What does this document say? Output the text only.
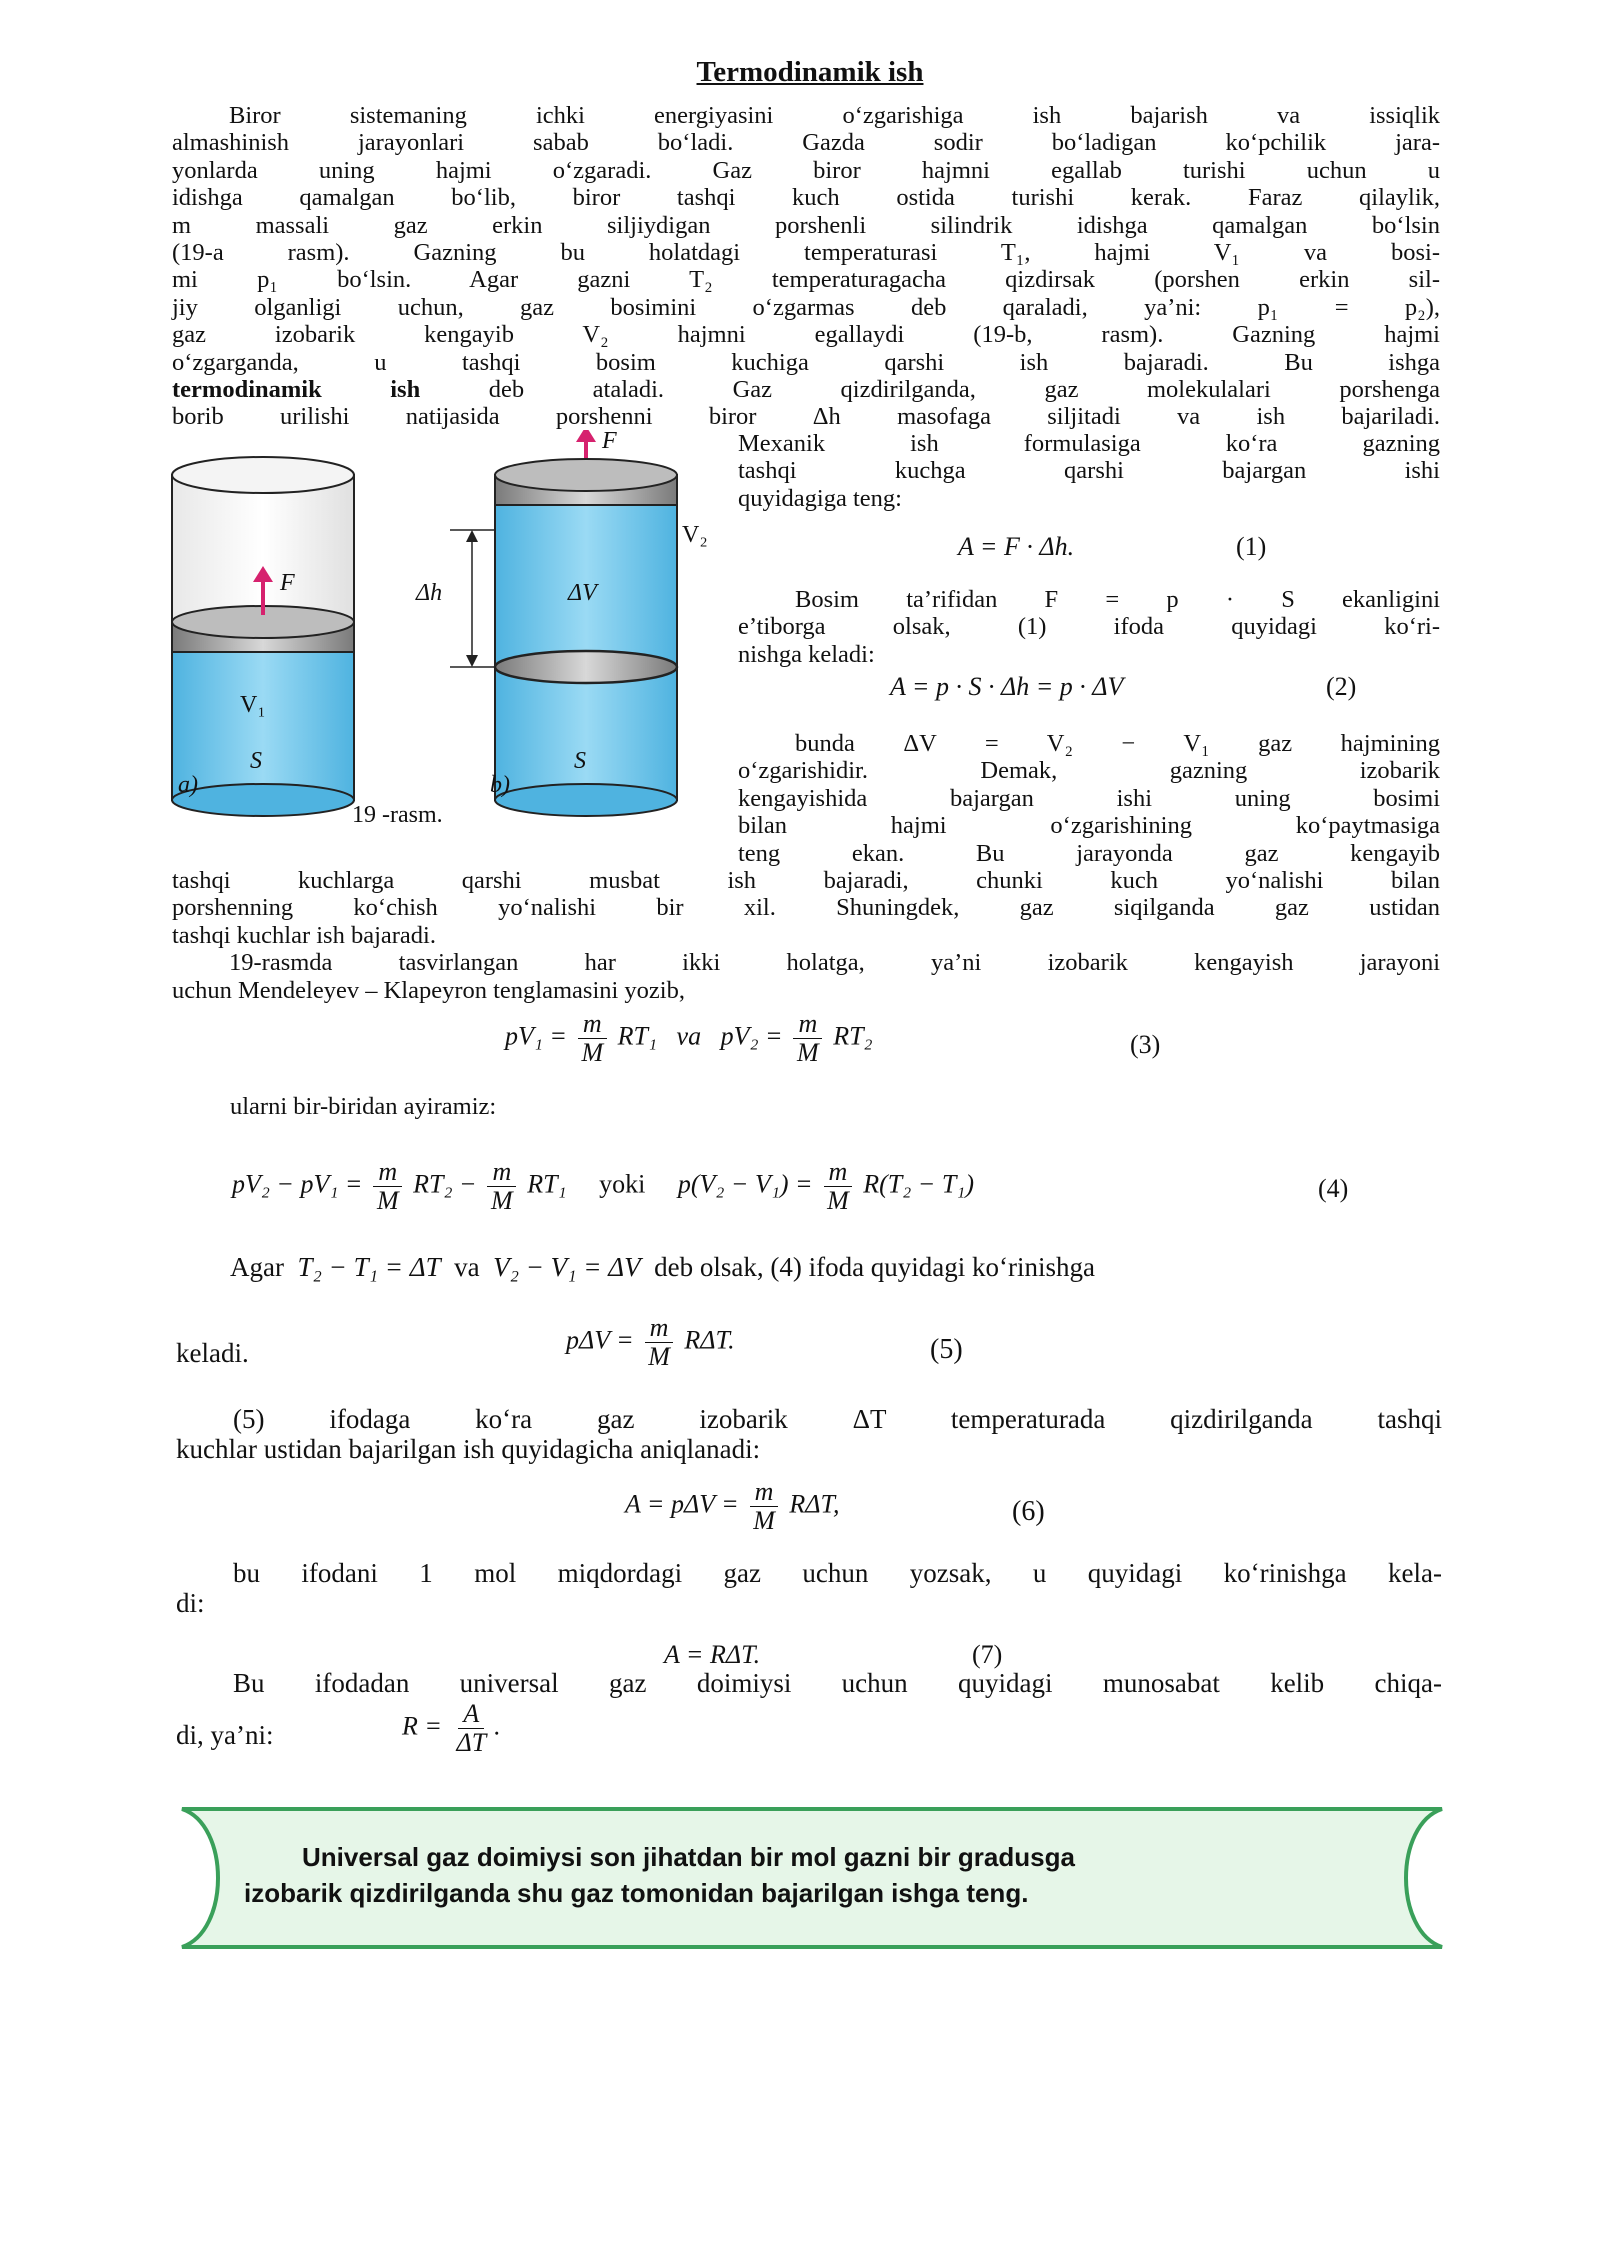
Termodinamik ish
Biror sistemaning ichki energiyasini o‘zgarishiga ish bajarish va issiqlik
almashinish jarayonlari sabab bo‘ladi. Gazda sodir bo‘ladigan ko‘pchilik jara-
yonlarda uning hajmi o‘zgaradi. Gaz biror hajmni egallab turishi uchun u
idishga qamalgan bo‘lib, biror tashqi kuch ostida turishi kerak. Faraz qilaylik,
m massali gaz erkin siljiydigan porshenli silindrik idishga qamalgan bo‘lsin
(19-a rasm). Gazning bu holatdagi temperaturasi T₁, hajmi V₁ va bosi-
mi p₁ bo‘lsin. Agar gazni T₂ temperaturagacha qizdirsak (porshen erkin sil-
jiy olganligi uchun, gaz bosimini o‘zgarmas deb qaraladi, ya’ni: p₁ = p₂),
gaz izobarik kengayib V₂ hajmni egallaydi (19-b, rasm). Gazning hajmi
o‘zgarganda, u tashqi bosim kuchiga qarshi ish bajaradi. Bu ishga
termodinamik ish deb ataladi. Gaz qizdirilganda, gaz molekulalari porshenga
borib urilishi natijasida porshenni biror Δh masofaga siljitadi va ish bajariladi.
F
F
V₁
V₂
ΔV
Δh
S	S
a)	b)
19 -rasm.
Mexanik ish formulasiga ko‘ra gazning
tashqi kuchga qarshi bajargan ishi
quyidagiga teng:
A = F · Δh.	(1)
Bosim ta’rifidan F = p · S ekanligini
e’tiborga olsak, (1) ifoda quyidagi ko‘ri-
nishga keladi:
A = p · S · Δh = p · ΔV	(2)
bunda ΔV = V₂ − V₁ gaz hajmining
o‘zgarishidir. Demak, gazning izobarik
kengayishida bajargan ishi uning bosimi
bilan hajmi o‘zgarishining ko‘paytmasiga
teng ekan. Bu jarayonda gaz kengayib
tashqi kuchlarga qarshi musbat ish bajaradi, chunki kuch yo‘nalishi bilan
porshenning ko‘chish yo‘nalishi bir xil. Shuningdek, gaz siqilganda gaz ustidan
tashqi kuchlar ish bajaradi.
19-rasmda tasvirlangan har ikki holatga, ya’ni izobarik kengayish jarayoni
uchun Mendeleyev – Klapeyron tenglamasini yozib,
$pV_1 = \frac{m}{M} RT_1$ va $pV_2 = \frac{m}{M} RT_2$	(3)
ularni bir-biridan ayiramiz:
$pV_2 - pV_1 = \frac{m}{M} RT_2 - \frac{m}{M} RT_1$ yoki $p(V_2 - V_1) = \frac{m}{M} R(T_2 - T_1)$	(4)
Agar T₂ − T₁ = ΔT va V₂ − V₁ = ΔV deb olsak, (4) ifoda quyidagi ko‘rinishga
keladi.	$p\Delta V = \frac{m}{M} R\Delta T$.	(5)
(5) ifodaga ko‘ra gaz izobarik ΔT temperaturada qizdirilganda tashqi
kuchlar ustidan bajarilgan ish quyidagicha aniqlanadi:
$A = p\Delta V = \frac{m}{M} R\Delta T$,	(6)
bu ifodani 1 mol miqdordagi gaz uchun yozsak, u quyidagi ko‘rinishga kela-
di:
A = RΔT.	(7)
Bu ifodadan universal gaz doimiysi uchun quyidagi munosabat kelib chiqa-
di, ya’ni:	$R = \frac{A}{\Delta T}$ .
Universal gaz doimiysi son jihatdan bir mol gazni bir gradusga
izobarik qizdirilganda shu gaz tomonidan bajarilgan ishga teng.
